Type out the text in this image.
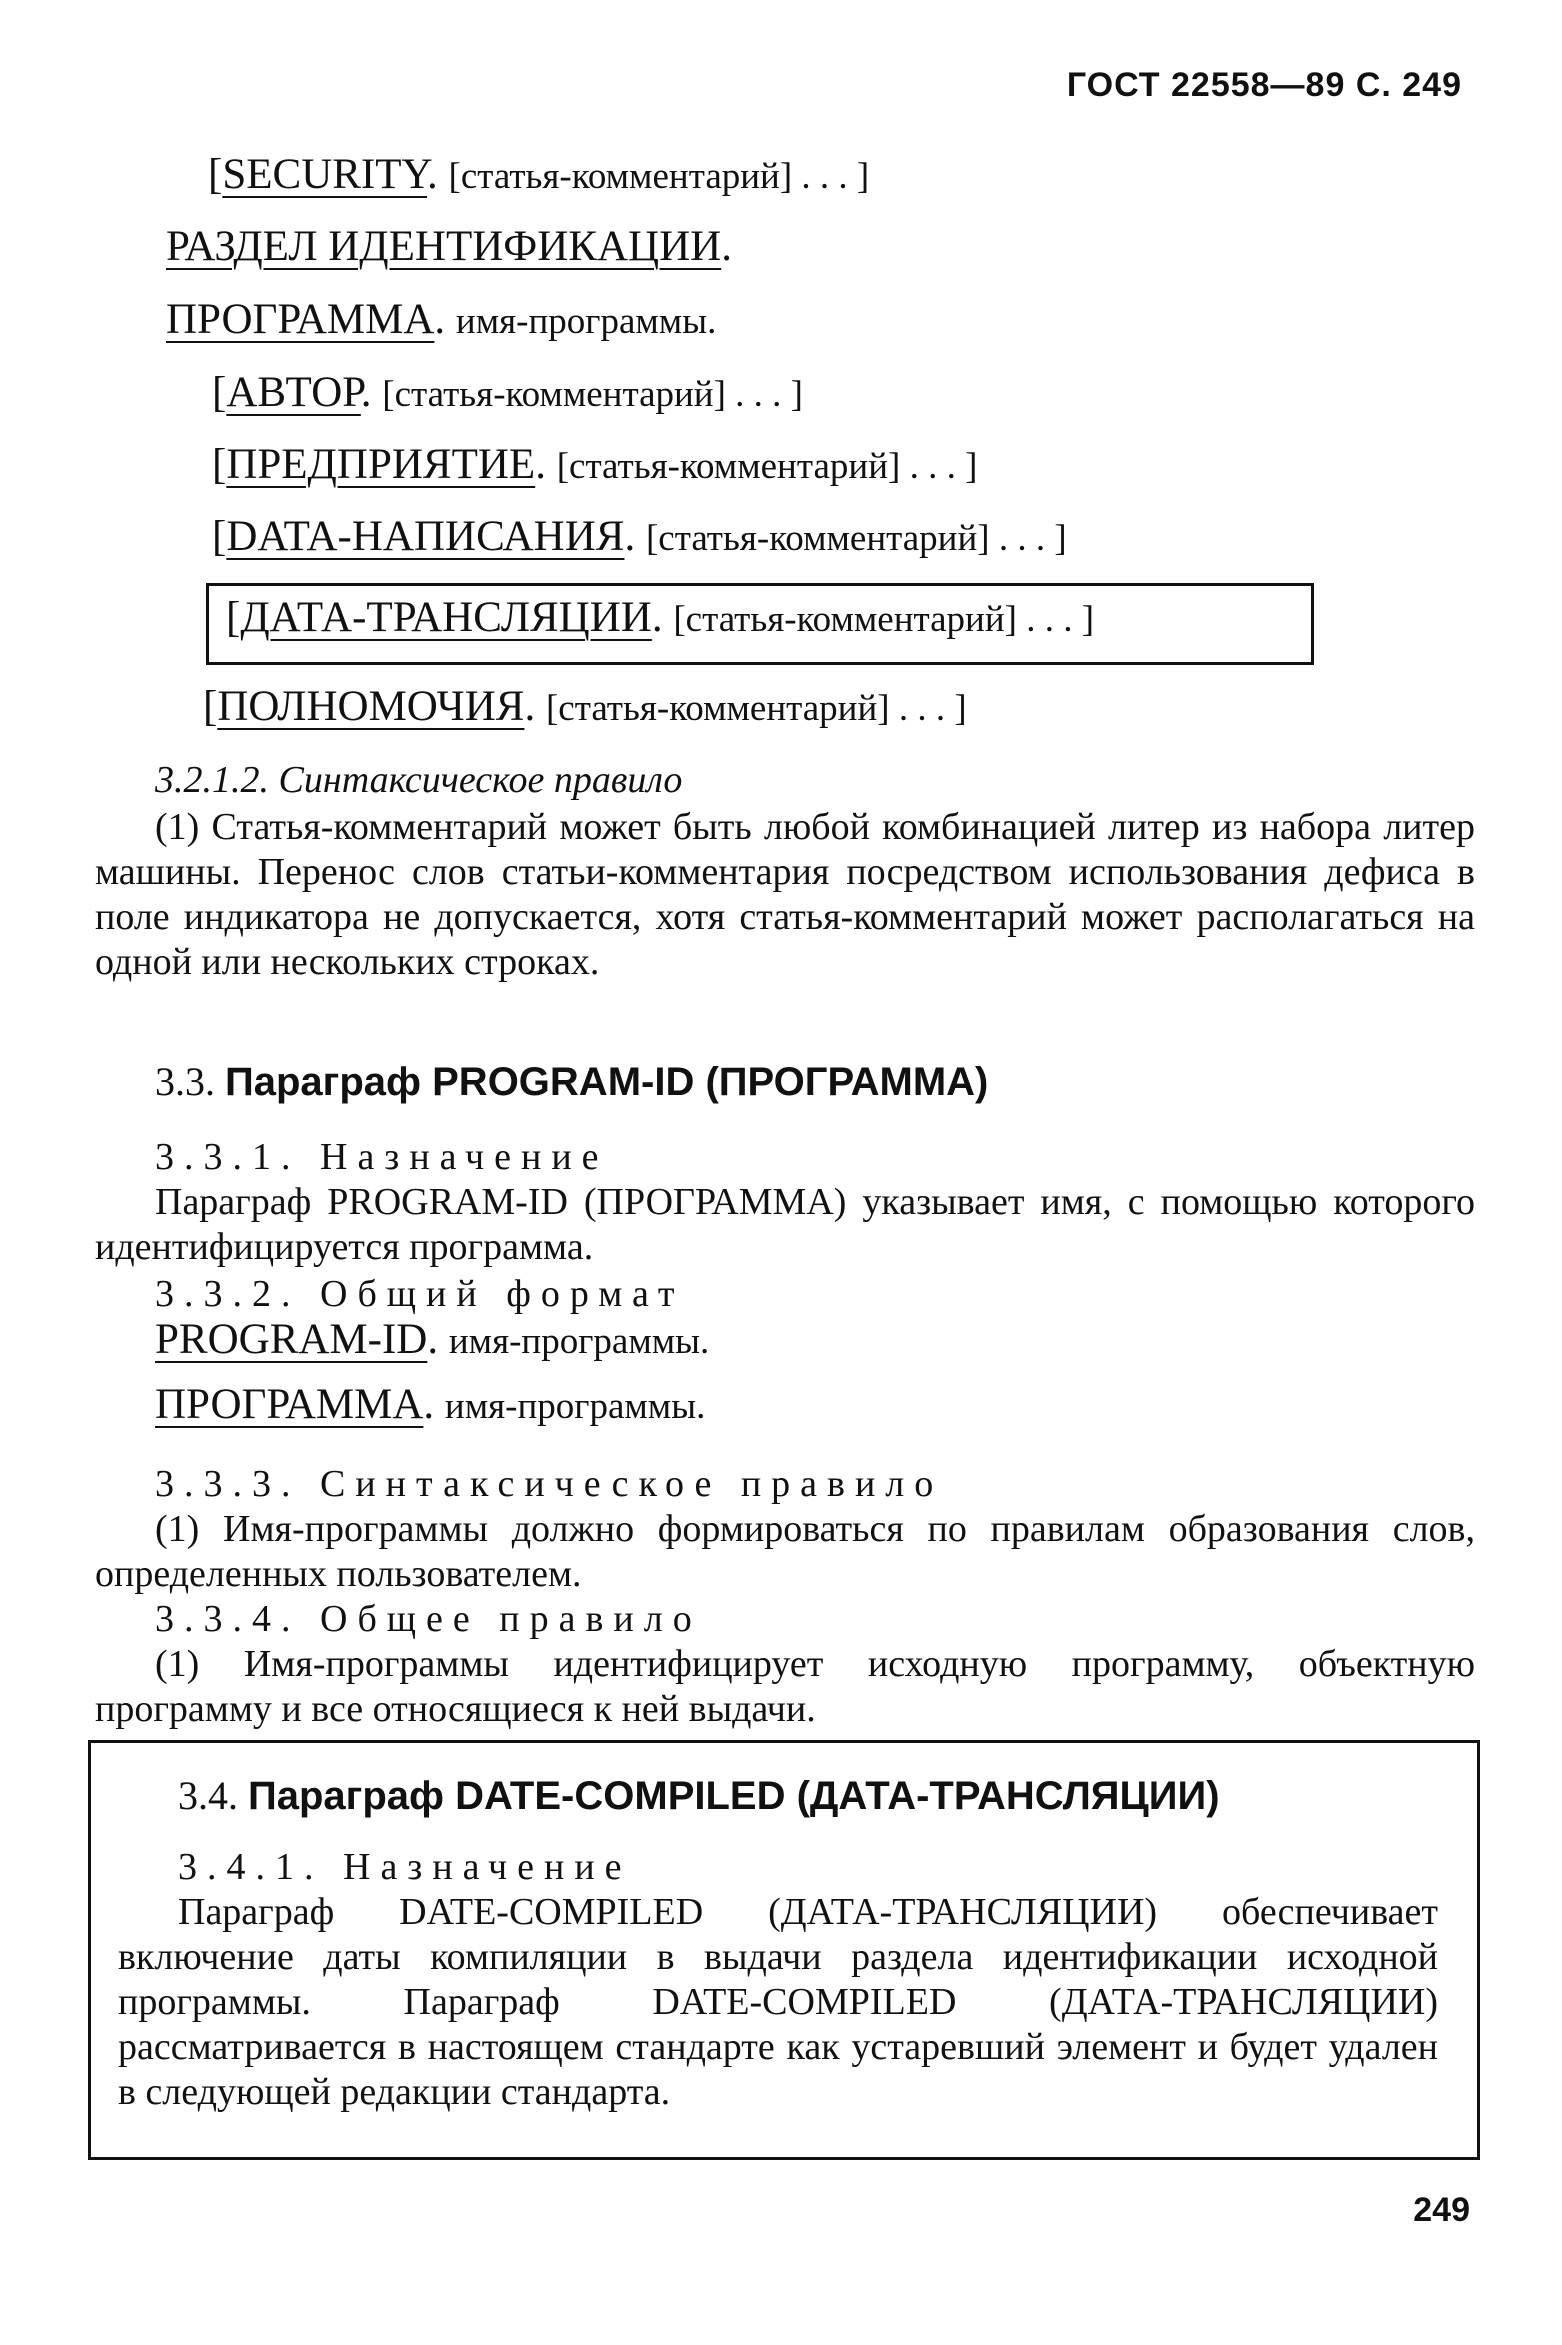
ГОСТ 22558—89 С. 249
[SECURITY. [статья-комментарий] . . . ]
РАЗДЕЛ ИДЕНТИФИКАЦИИ.
ПРОГРАММА. имя-программы.
[АВТОР. [статья-комментарий] . . . ]
[ПРЕДПРИЯТИЕ. [статья-комментарий] . . . ]
[DATA-НАПИСАНИЯ. [статья-комментарий] . . . ]
[ДАТА-ТРАНСЛЯЦИИ. [статья-комментарий] . . . ]
[ПОЛНОМОЧИЯ. [статья-комментарий] . . . ]
3.2.1.2. Синтаксическое правило
(1) Статья-комментарий может быть любой комбинацией литер из набора литер машины. Перенос слов статьи-комментария посредством использования дефиса в поле индикатора не допускается, хотя статья-комментарий может располагаться на одной или нескольких строках.
3.3. Параграф PROGRAM-ID (ПРОГРАММА)
3.3.1. Назначение
Параграф PROGRAM-ID (ПРОГРАММА) указывает имя, с помощью которого идентифицируется программа.
3.3.2. Общий формат
PROGRAM-ID. имя-программы.
ПРОГРАММА. имя-программы.
3.3.3. Синтаксическое правило
(1) Имя-программы должно формироваться по правилам образования слов, определенных пользователем.
3.3.4. Общее правило
(1) Имя-программы идентифицирует исходную программу, объектную программу и все относящиеся к ней выдачи.
3.4. Параграф DATE-COMPILED (ДАТА-ТРАНСЛЯЦИИ)
3.4.1. Назначение
Параграф DATE-COMPILED (ДАТА-ТРАНСЛЯЦИИ) обеспечивает включение даты компиляции в выдачи раздела идентификации исходной программы. Параграф DATE-COMPILED (ДАТА-ТРАНСЛЯЦИИ) рассматривается в настоящем стандарте как устаревший элемент и будет удален в следующей редакции стандарта.
249
